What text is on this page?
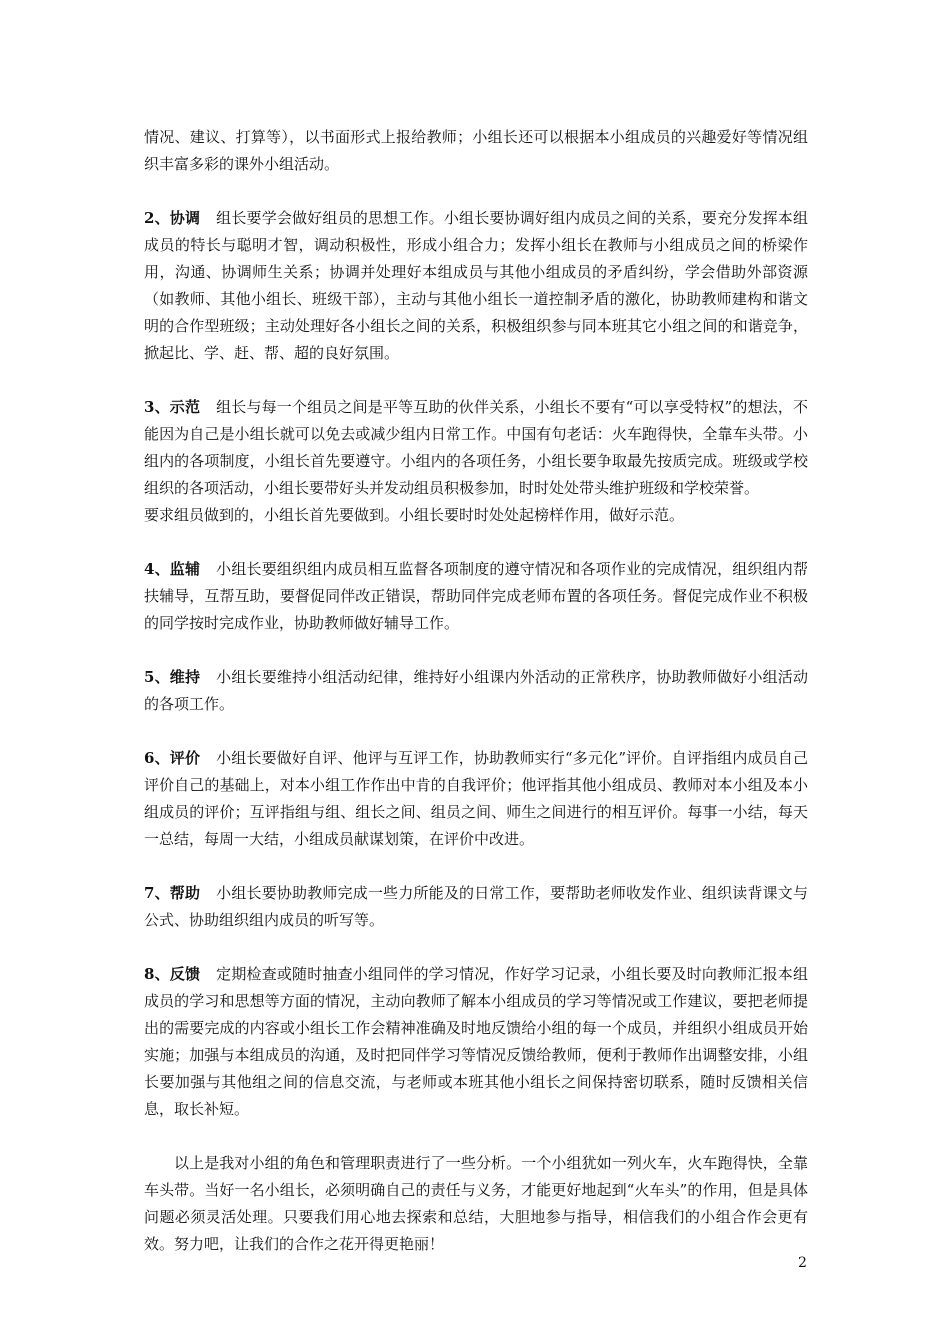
情况、建议、打算等），以书面形式上报给教师；小组长还可以根据本小组成员的兴趣爱好等情况组织丰富多彩的课外小组活动。

2、协调 组长要学会做好组员的思想工作。小组长要协调好组内成员之间的关系，要充分发挥本组成员的特长与聪明才智，调动积极性，形成小组合力；发挥小组长在教师与小组成员之间的桥梁作用，沟通、协调师生关系；协调并处理好本组成员与其他小组成员的矛盾纠纷，学会借助外部资源（如教师、其他小组长、班级干部），主动与其他小组长一道控制矛盾的激化，协助教师建构和谐文明的合作型班级；主动处理好各小组长之间的关系，积极组织参与同本班其它小组之间的和谐竞争，掀起比、学、赶、帮、超的良好氛围。

3、示范 组长与每一个组员之间是平等互助的伙伴关系，小组长不要有“可以享受特权”的想法，不能因为自己是小组长就可以免去或减少组内日常工作。中国有句老话：火车跑得快，全靠车头带。小组内的各项制度，小组长首先要遵守。小组内的各项任务，小组长要争取最先按质完成。班级或学校组织的各项活动，小组长要带好头并发动组员积极参加，时时处处带头维护班级和学校荣誉。

要求组员做到的，小组长首先要做到。小组长要时时处处起榜样作用，做好示范。

4、监辅 小组长要组织组内成员相互监督各项制度的遵守情况和各项作业的完成情况，组织组内帮扶辅导，互帮互助，要督促同伴改正错误，帮助同伴完成老师布置的各项任务。督促完成作业不积极的同学按时完成作业，协助教师做好辅导工作。

5、维持 小组长要维持小组活动纪律，维持好小组课内外活动的正常秩序，协助教师做好小组活动的各项工作。

6、评价 小组长要做好自评、他评与互评工作，协助教师实行“多元化”评价。自评指组内成员自己评价自己的基础上，对本小组工作作出中肯的自我评价；他评指其他小组成员、教师对本小组及本小组成员的评价；互评指组与组、组长之间、组员之间、师生之间进行的相互评价。每事一小结，每天一总结，每周一大结，小组成员献谋划策，在评价中改进。

7、帮助 小组长要协助教师完成一些力所能及的日常工作，要帮助老师收发作业、组织读背课文与公式、协助组织组内成员的听写等。

8、反馈 定期检查或随时抽查小组同伴的学习情况，作好学习记录，小组长要及时向教师汇报本组成员的学习和思想等方面的情况，主动向教师了解本小组成员的学习等情况或工作建议，要把老师提出的需要完成的内容或小组长工作会精神准确及时地反馈给小组的每一个成员，并组织小组成员开始实施；加强与本组成员的沟通，及时把同伴学习等情况反馈给教师，便利于教师作出调整安排，小组长要加强与其他组之间的信息交流，与老师或本班其他小组长之间保持密切联系，随时反馈相关信息，取长补短。

以上是我对小组的角色和管理职责进行了一些分析。一个小组犹如一列火车，火车跑得快，全靠车头带。当好一名小组长，必须明确自己的责任与义务，才能更好地起到“火车头”的作用，但是具体问题必须灵活处理。只要我们用心地去探索和总结，大胆地参与指导，相信我们的小组合作会更有效。努力吧，让我们的合作之花开得更艳丽！

2
